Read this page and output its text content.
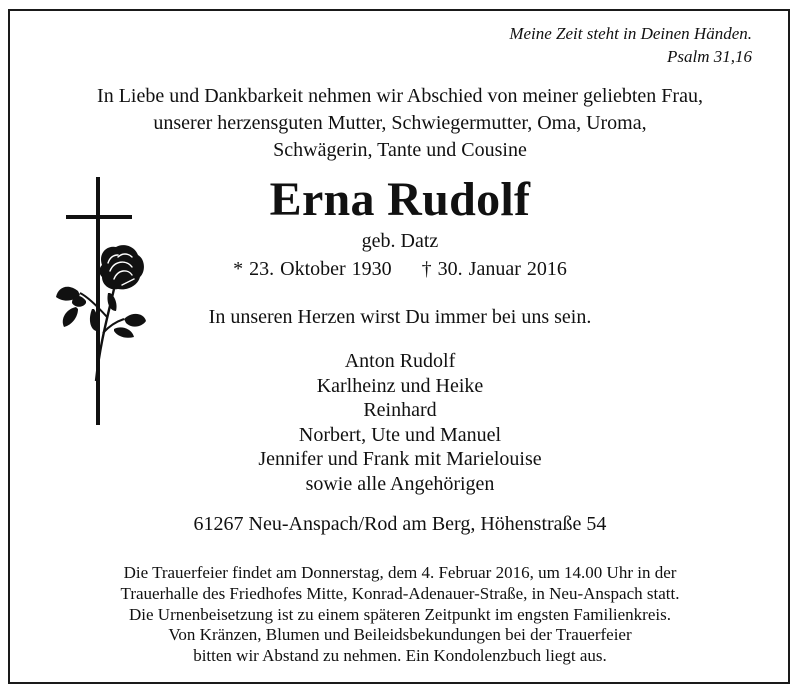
Meine Zeit steht in Deinen Händen.
Psalm 31,16
In Liebe und Dankbarkeit nehmen wir Abschied von meiner geliebten Frau,
unserer herzensguten Mutter, Schwiegermutter, Oma, Uroma,
Schwägerin, Tante und Cousine
Erna Rudolf
geb. Datz
* 23. Oktober 1930 † 30. Januar 2016
In unseren Herzen wirst Du immer bei uns sein.
Anton Rudolf
Karlheinz und Heike
Reinhard
Norbert, Ute und Manuel
Jennifer und Frank mit Marielouise
sowie alle Angehörigen
61267 Neu-Anspach/Rod am Berg, Höhenstraße 54
Die Trauerfeier findet am Donnerstag, dem 4. Februar 2016, um 14.00 Uhr in der
Trauerhalle des Friedhofes Mitte, Konrad-Adenauer-Straße, in Neu-Anspach statt.
Die Urnenbeisetzung ist zu einem späteren Zeitpunkt im engsten Familienkreis.
Von Kränzen, Blumen und Beileidsbekundungen bei der Trauerfeier
bitten wir Abstand zu nehmen. Ein Kondolenzbuch liegt aus.
